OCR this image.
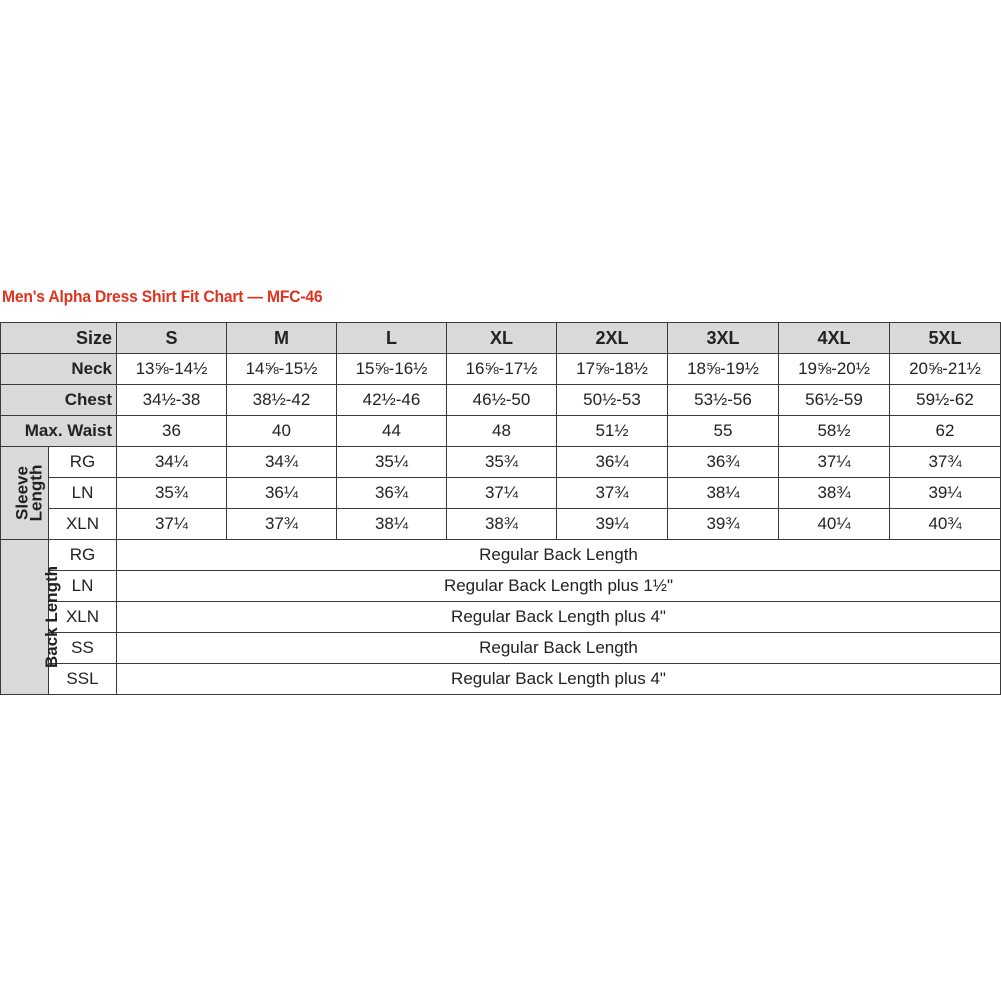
Men's Alpha Dress Shirt Fit Chart — MFC-46
Size		S	M	L	XL	2XL	3XL	4XL	5XL
Neck		13⅝-14½	14⅝-15½	15⅝-16½	16⅝-17½	17⅝-18½	18⅝-19½	19⅝-20½	20⅝-21½
Chest		34½-38	38½-42	42½-46	46½-50	50½-53	53½-56	56½-59	59½-62
Max. Waist		36	40	44	48	51½	55	58½	62
Sleeve
Length	RG	34¼	34¾	35¼	35¾	36¼	36¾	37¼	37¾
	LN	35¾	36¼	36¾	37¼	37¾	38¼	38¾	39¼
	XLN	37¼	37¾	38¼	38¾	39¼	39¾	40¼	40¾
Back Length	RG	Regular Back Length							
	LN	Regular Back Length plus 1½"							
	XLN	Regular Back Length plus 4"							
	SS	Regular Back Length							
	SSL	Regular Back Length plus 4"							
